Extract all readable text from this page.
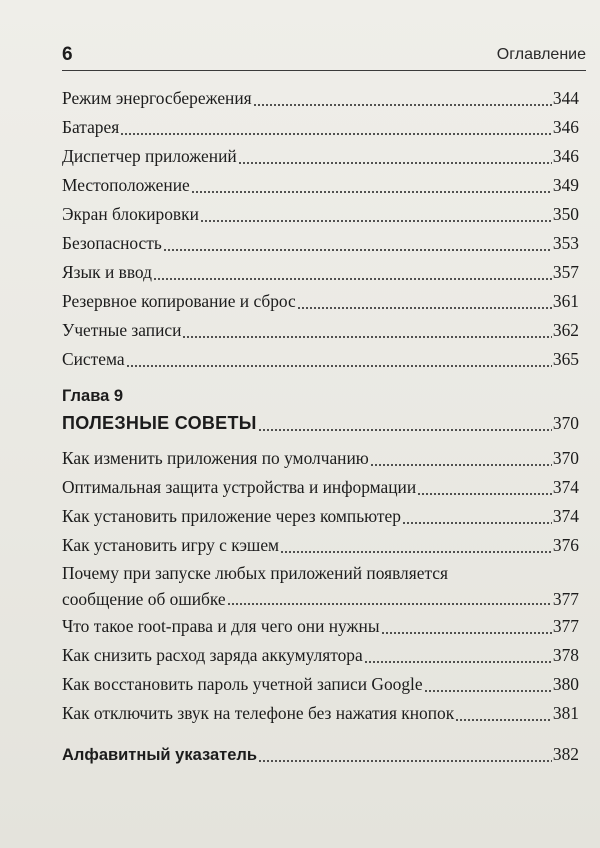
6	Оглавление
Режим энергосбережения	344
Батарея	346
Диспетчер приложений	346
Местоположение	349
Экран блокировки	350
Безопасность	353
Язык и ввод	357
Резервное копирование и сброс	361
Учетные записи	362
Система	365
Глава 9
ПОЛЕЗНЫЕ СОВЕТЫ	370
Как изменить приложения по умолчанию	370
Оптимальная защита устройства и информации	374
Как установить приложение через компьютер	374
Как установить игру с кэшем	376
Почему при запуске любых приложений появляется
сообщение об ошибке	377
Что такое root-права и для чего они нужны	377
Как снизить расход заряда аккумулятора	378
Как восстановить пароль учетной записи Google	380
Как отключить звук на телефоне без нажатия кнопок	381
Алфавитный указатель	382
